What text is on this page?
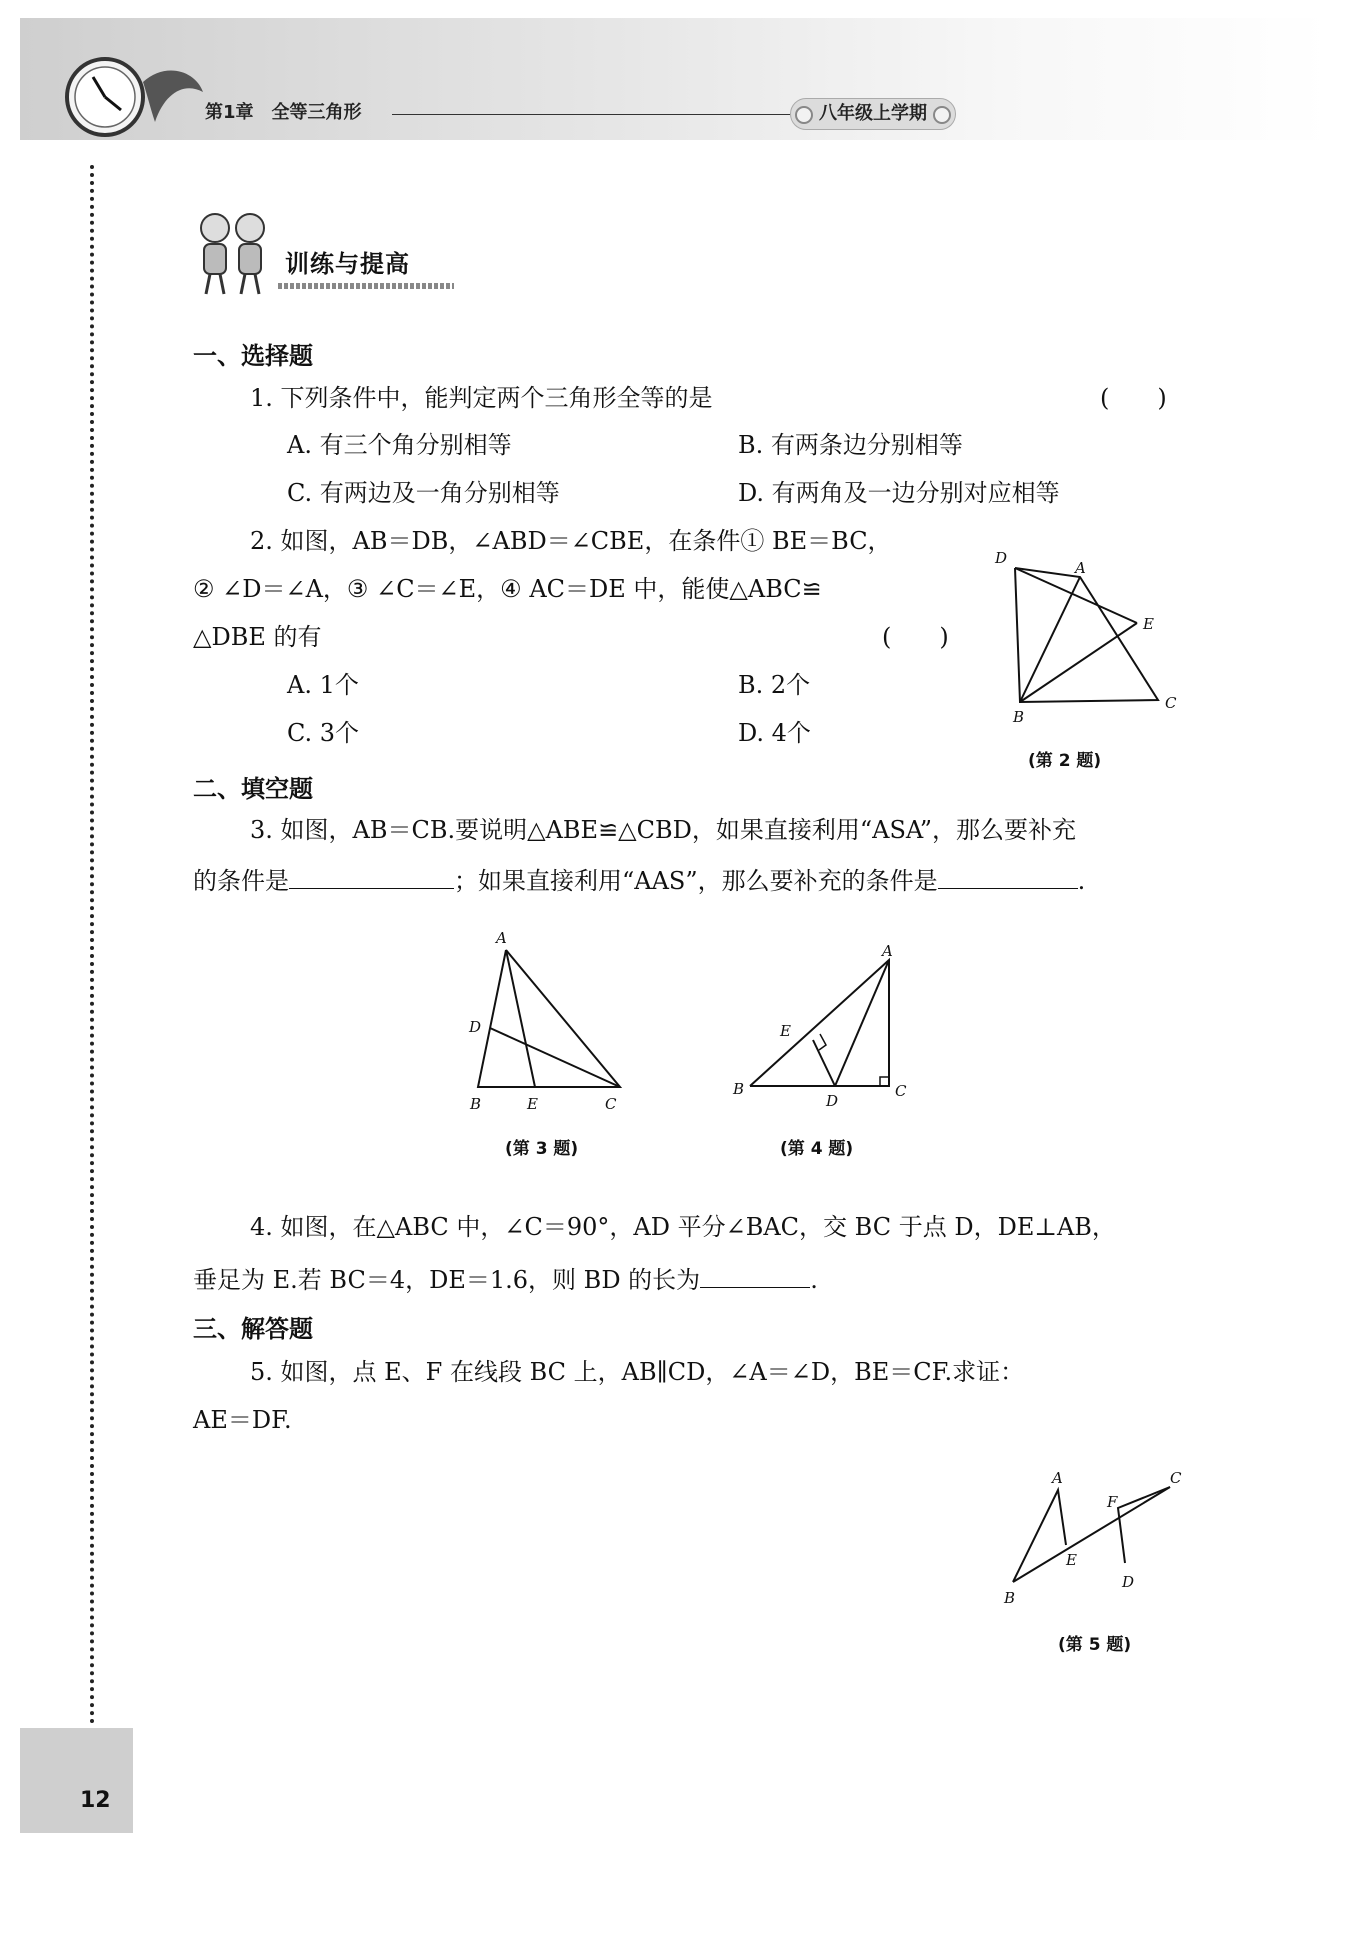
第1章　全等三角形	八年级上学期
训练与提高
一、选择题
1. 下列条件中，能判定两个三角形全等的是	(　　)
A. 有三个角分别相等	B. 有两条边分别相等
C. 有两边及一角分别相等	D. 有两角及一边分别对应相等
2. 如图，AB＝DB，∠ABD＝∠CBE，在条件① BE＝BC，
② ∠D＝∠A，③ ∠C＝∠E，④ AC＝DE 中，能使△ABC≌
△DBE 的有	(　　)
A. 1个	B. 2个
C. 3个	D. 4个
D
A
E
B
C
(第 2 题)
二、填空题
3. 如图，AB＝CB.要说明△ABE≌△CBD，如果直接利用“ASA”，那么要补充
的条件是	；如果直接利用“AAS”，那么要补充的条件是	.
A
D
B	E	C
(第 3 题)
A
E
B
D
C
(第 4 题)
4. 如图，在△ABC 中，∠C＝90°，AD 平分∠BAC，交 BC 于点 D，DE⊥AB，
垂足为 E.若 BC＝4，DE＝1.6，则 BD 的长为	.
三、解答题
5. 如图，点 E、F 在线段 BC 上，AB∥CD，∠A＝∠D，BE＝CF.求证：
AE＝DF.
A
F
C
E
B
D
(第 5 题)
12
